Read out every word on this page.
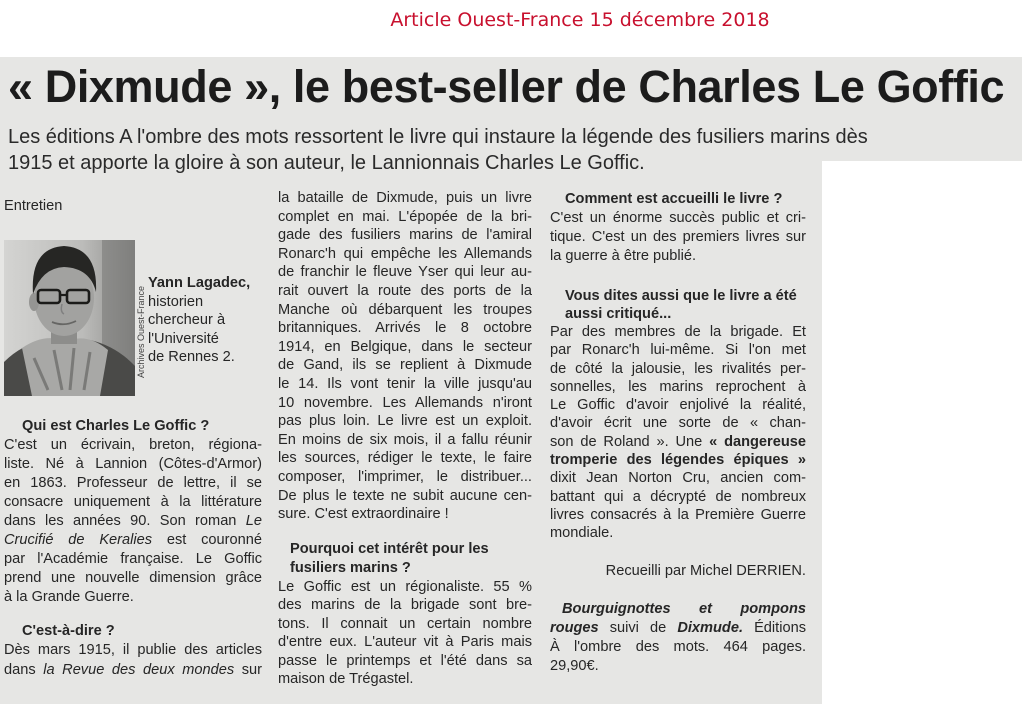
Article Ouest-France 15 décembre 2018
« Dixmude », le best-seller de Charles Le Goffic
Les éditions A l'ombre des mots ressortent le livre qui instaure la légende des fusiliers marins dès
1915 et apporte la gloire à son auteur, le Lannionnais Charles Le Goffic.
Entretien
Archives Ouest-France
Yann Lagadec,
historien
chercheur à
l'Université
de Rennes 2.
Qui est Charles Le Goffic ?
C'est un écrivain, breton, régiona-
liste. Né à Lannion (Côtes-d'Armor)
en 1863. Professeur de lettre, il se
consacre uniquement à la littérature
dans les années 90. Son roman Le
Crucifié de Keralies est couronné
par l'Académie française. Le Goffic
prend une nouvelle dimension grâce
à la Grande Guerre.
C'est-à-dire ?
Dès mars 1915, il publie des articles
dans la Revue des deux mondes sur
la bataille de Dixmude, puis un livre
complet en mai. L'épopée de la bri-
gade des fusiliers marins de l'amiral
Ronarc'h qui empêche les Allemands
de franchir le fleuve Yser qui leur au-
rait ouvert la route des ports de la
Manche où débarquent les troupes
britanniques. Arrivés le 8 octobre
1914, en Belgique, dans le secteur
de Gand, ils se replient à Dixmude
le 14. Ils vont tenir la ville jusqu'au
10 novembre. Les Allemands n'iront
pas plus loin. Le livre est un exploit.
En moins de six mois, il a fallu réunir
les sources, rédiger le texte, le faire
composer, l'imprimer, le distribuer...
De plus le texte ne subit aucune cen-
sure. C'est extraordinaire !
Pourquoi cet intérêt pour les
fusiliers marins ?
Le Goffic est un régionaliste. 55 %
des marins de la brigade sont bre-
tons. Il connait un certain nombre
d'entre eux. L'auteur vit à Paris mais
passe le printemps et l'été dans sa
maison de Trégastel.
Comment est accueilli le livre ?
C'est un énorme succès public et cri-
tique. C'est un des premiers livres sur
la guerre à être publié.
Vous dites aussi que le livre a été
aussi critiqué...
Par des membres de la brigade. Et
par Ronarc'h lui-même. Si l'on met
de côté la jalousie, les rivalités per-
sonnelles, les marins reprochent à
Le Goffic d'avoir enjolivé la réalité,
d'avoir écrit une sorte de « chan-
son de Roland ». Une « dangereuse
tromperie des légendes épiques »
dixit Jean Norton Cru, ancien com-
battant qui a décrypté de nombreux
livres consacrés à la Première Guerre
mondiale.
Recueilli par Michel DERRIEN.
Bourguignottes et pompons
rouges suivi de Dixmude. Éditions
À l'ombre des mots. 464 pages.
29,90€.
